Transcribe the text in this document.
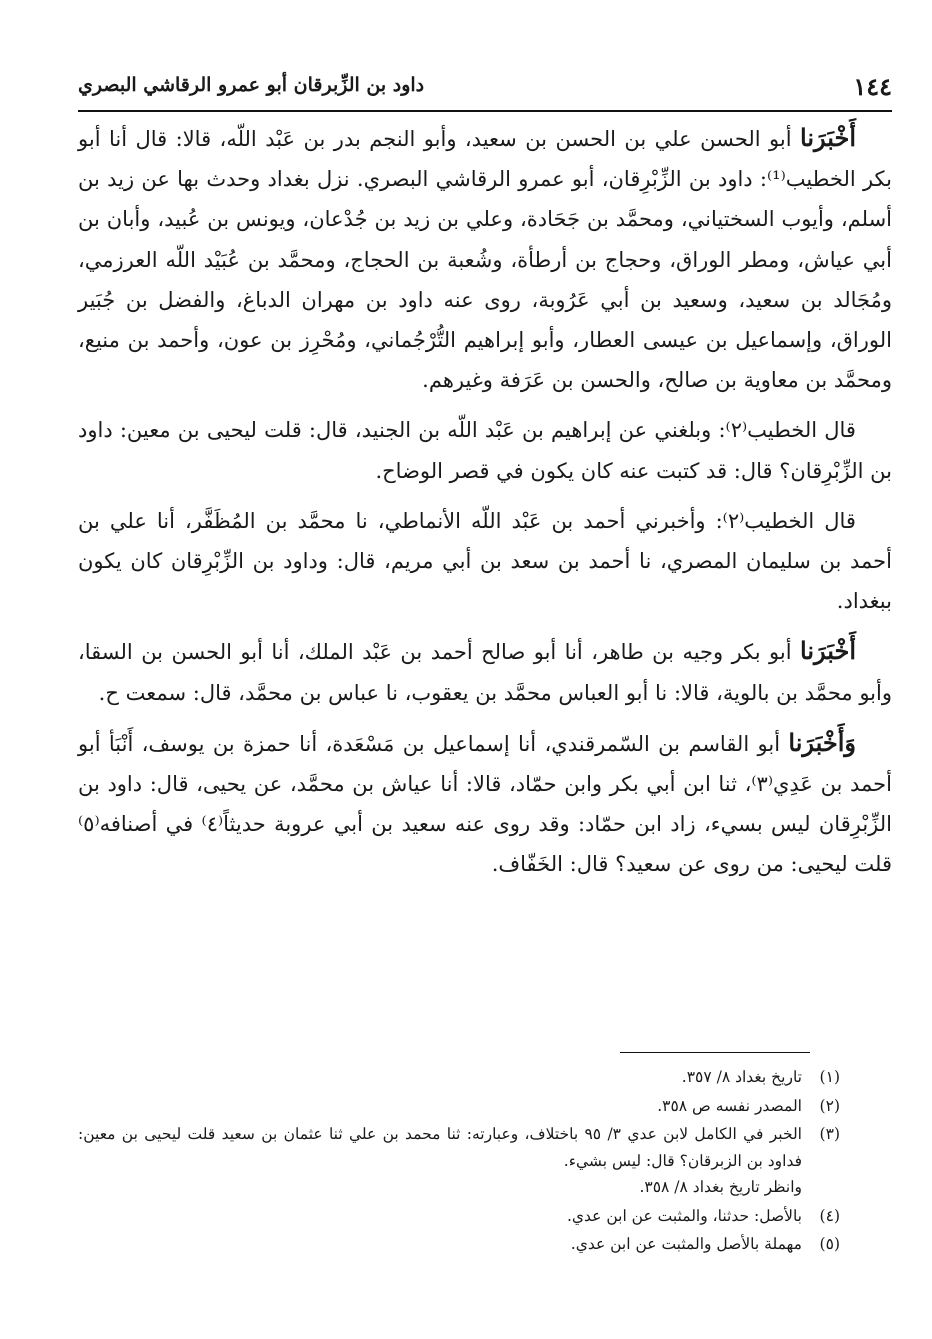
١٤٤
داود بن الزِّبرقان أبو عمرو الرقاشي البصري

أَخْبَرَنا أبو الحسن علي بن الحسن بن سعيد، وأبو النجم بدر بن عَبْد اللّه، قالا: قال أنا أبو بكر الخطيب⁽¹⁾: داود بن الزِّبْرِقان، أبو عمرو الرقاشي البصري. نزل بغداد وحدث بها عن زيد بن أسلم، وأيوب السختياني، ومحمَّد بن جَحَادة، وعلي بن زيد بن جُدْعان، ويونس بن عُبيد، وأبان بن أبي عياش، ومطر الوراق، وحجاج بن أرطأة، وشُعبة بن الحجاج، ومحمَّد بن عُبَيْد اللّه العرزمي، ومُجَالد بن سعيد، وسعيد بن أبي عَرُوبة، روى عنه داود بن مهران الدباغ، والفضل بن جُبَير الوراق، وإسماعيل بن عيسى العطار، وأبو إبراهيم التُّرْجُماني، ومُحْرِز بن عون، وأحمد بن منيع، ومحمَّد بن معاوية بن صالح، والحسن بن عَرَفة وغيرهم.

قال الخطيب⁽٢⁾: وبلغني عن إبراهيم بن عَبْد اللّه بن الجنيد، قال: قلت ليحيى بن معين: داود بن الزِّبْرِقان؟ قال: قد كتبت عنه كان يكون في قصر الوضاح.

قال الخطيب⁽٢⁾: وأخبرني أحمد بن عَبْد اللّه الأنماطي، نا محمَّد بن المُظَفَّر، أنا علي بن أحمد بن سليمان المصري، نا أحمد بن سعد بن أبي مريم، قال: وداود بن الزِّبْرِقان كان يكون ببغداد.

أَخْبَرَنا أبو بكر وجيه بن طاهر، أنا أبو صالح أحمد بن عَبْد الملك، أنا أبو الحسن بن السقا، وأبو محمَّد بن بالوية، قالا: نا أبو العباس محمَّد بن يعقوب، نا عباس بن محمَّد، قال: سمعت ح.

وَأَخْبَرَنا أبو القاسم بن السّمرقندي، أنا إسماعيل بن مَسْعَدة، أنا حمزة بن يوسف، أَنْبَأ أبو أحمد بن عَدِي⁽٣⁾، ثنا ابن أبي بكر وابن حمّاد، قالا: أنا عياش بن محمَّد، عن يحيى، قال: داود بن الزِّبْرِقان ليس بسيء، زاد ابن حمّاد: وقد روى عنه سعيد بن أبي عروبة حديثاً⁽٤⁾ في أصنافه⁽٥⁾ قلت ليحيى: من روى عن سعيد؟ قال: الخَفّاف.

(١)
تاريخ بغداد ٨/ ٣٥٧.
(٢)
المصدر نفسه ص ٣٥٨.
(٣)
الخبر في الكامل لابن عدي ٣/ ٩٥ باختلاف، وعبارته: ثنا محمد بن علي ثنا عثمان بن سعيد قلت ليحيى بن معين: فداود بن الزبرقان؟ قال: ليس بشيء.
وانظر تاريخ بغداد ٨/ ٣٥٨.
(٤)
بالأصل: حدثنا، والمثبت عن ابن عدي.
(٥)
مهملة بالأصل والمثبت عن ابن عدي.
